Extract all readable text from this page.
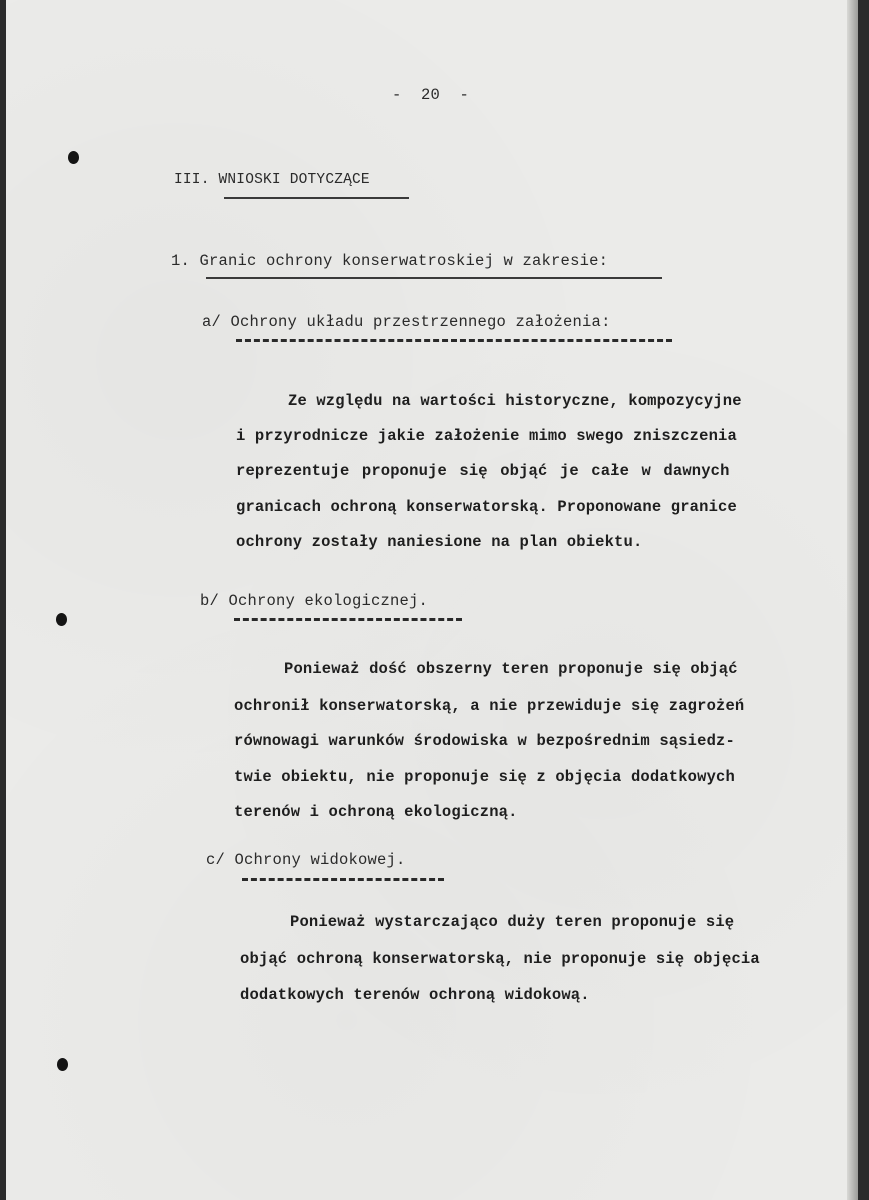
- 20 -
III. WNIOSKI DOTYCZĄCE
1. Granic ochrony konserwatroskiej w zakresie:
a/ Ochrony układu przestrzennego założenia:

Ze względu na wartości historyczne, kompozycyjne

i przyrodnicze jakie założenie mimo swego zniszczenia

reprezentuje proponuje się objąć je całe w dawnych

granicach ochroną konserwatorską. Proponowane granice

ochrony zostały naniesione na plan obiektu.

b/ Ochrony ekologicznej.

Ponieważ dość obszerny teren proponuje się objąć

ochronił konserwatorską, a nie przewiduje się zagrożeń

równowagi warunków środowiska w bezpośrednim sąsiedz-

twie obiektu, nie proponuje się z objęcia dodatkowych

terenów i ochroną ekologiczną.

c/ Ochrony widokowej.

Ponieważ wystarczająco duży teren proponuje się

objąć ochroną konserwatorską, nie proponuje się objęcia

dodatkowych terenów ochroną widokową.
